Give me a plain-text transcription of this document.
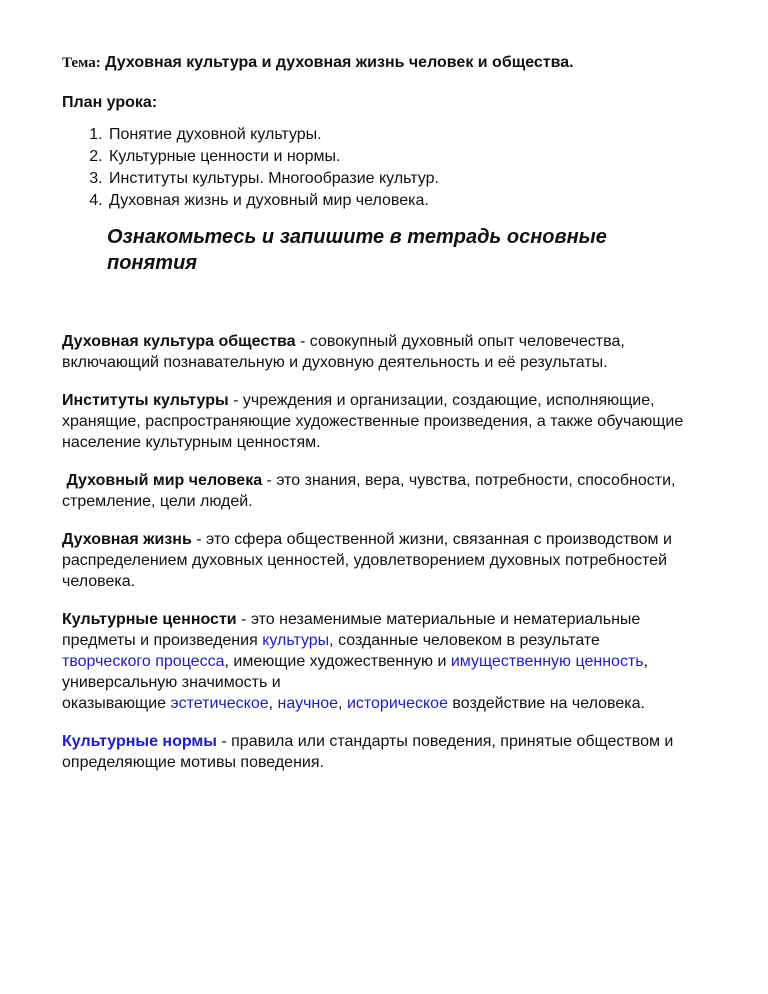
Тема: Духовная культура и духовная жизнь человек и общества.

План урока:

1. Понятие духовной культуры.
2. Культурные ценности и нормы.
3. Институты культуры. Многообразие культур.
4. Духовная жизнь и духовный мир человека.

Ознакомьтесь и запишите в тетрадь основные понятия

Духовная культура общества - совокупный духовный опыт человечества, включающий познавательную и духовную деятельность и её результаты.

Институты культуры - учреждения и организации, создающие, исполняющие, хранящие, распространяющие художественные произведения, а также обучающие население культурным ценностям.

Духовный мир человека - это знания, вера, чувства, потребности, способности, стремление, цели людей.

Духовная жизнь - это сфера общественной жизни, связанная с производством и распределением духовных ценностей, удовлетворением духовных потребностей человека.

Культурные ценности - это незаменимые материальные и нематериальные предметы и произведения культуры, созданные человеком в результате творческого процесса, имеющие художественную и имущественную ценность, универсальную значимость и
оказывающие эстетическое, научное, историческое воздействие на человека.

Культурные нормы - правила или стандарты поведения, принятые обществом и определяющие мотивы поведения.
